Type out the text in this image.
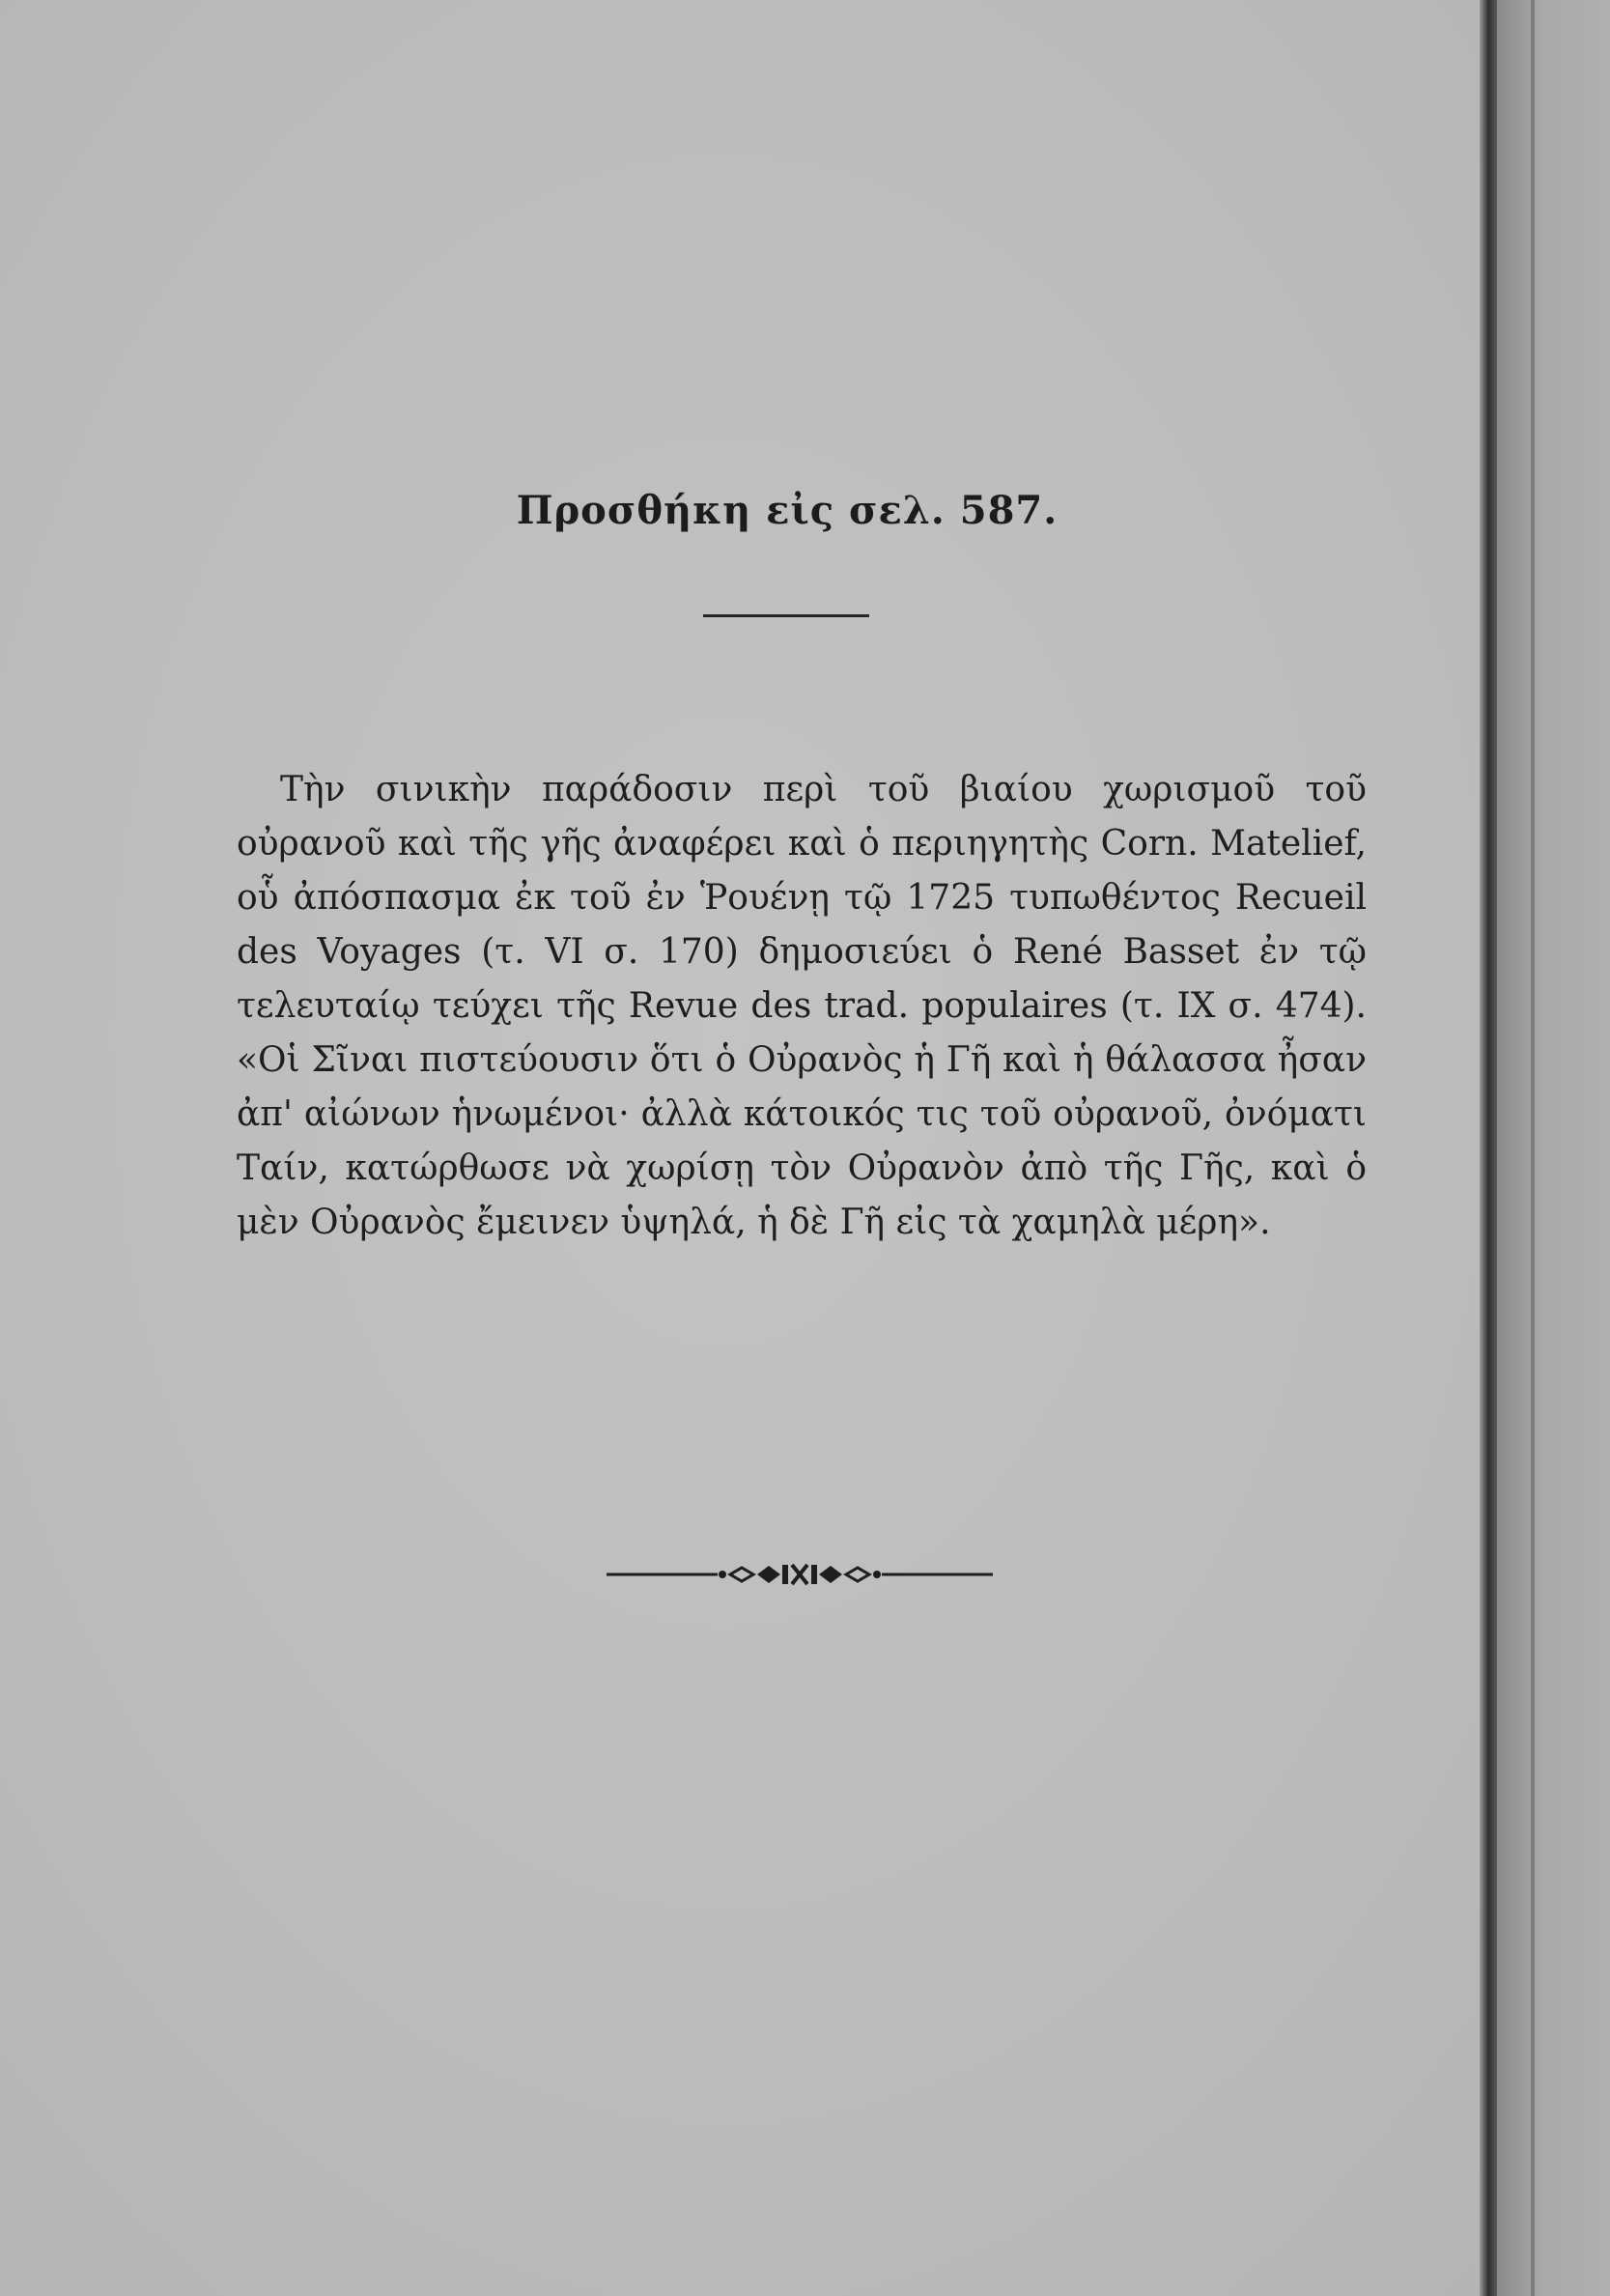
Προσθήκη εἰς σελ. 587.

Τὴν σινικὴν παράδοσιν περὶ τοῦ βιαίου χωρισμοῦ τοῦ οὐρανοῦ καὶ τῆς γῆς ἀναφέρει καὶ ὁ περιηγητὴς Corn. Matelief, οὗ ἀπόσπασμα ἐκ τοῦ ἐν Ῥουένῃ τῷ 1725 τυπωθέντος Recueil des Voyages (τ. VI σ. 170) δημοσιεύει ὁ René Basset ἐν τῷ τελευταίῳ τεύχει τῆς Revue des trad. populaires (τ. IX σ. 474). «Οἱ Σῖναι πιστεύουσιν ὅτι ὁ Οὐρανὸς ἡ Γῆ καὶ ἡ θάλασσα ἦσαν ἀπ' αἰώνων ἡνωμένοι· ἀλλὰ κάτοικός τις τοῦ οὐρανοῦ, ὀνόματι Ταίν, κατώρθωσε νὰ χωρίσῃ τὸν Οὐρανὸν ἀπὸ τῆς Γῆς, καὶ ὁ μὲν Οὐρανὸς ἔμεινεν ὑψηλά, ἡ δὲ Γῆ εἰς τὰ χαμηλὰ μέρη».
